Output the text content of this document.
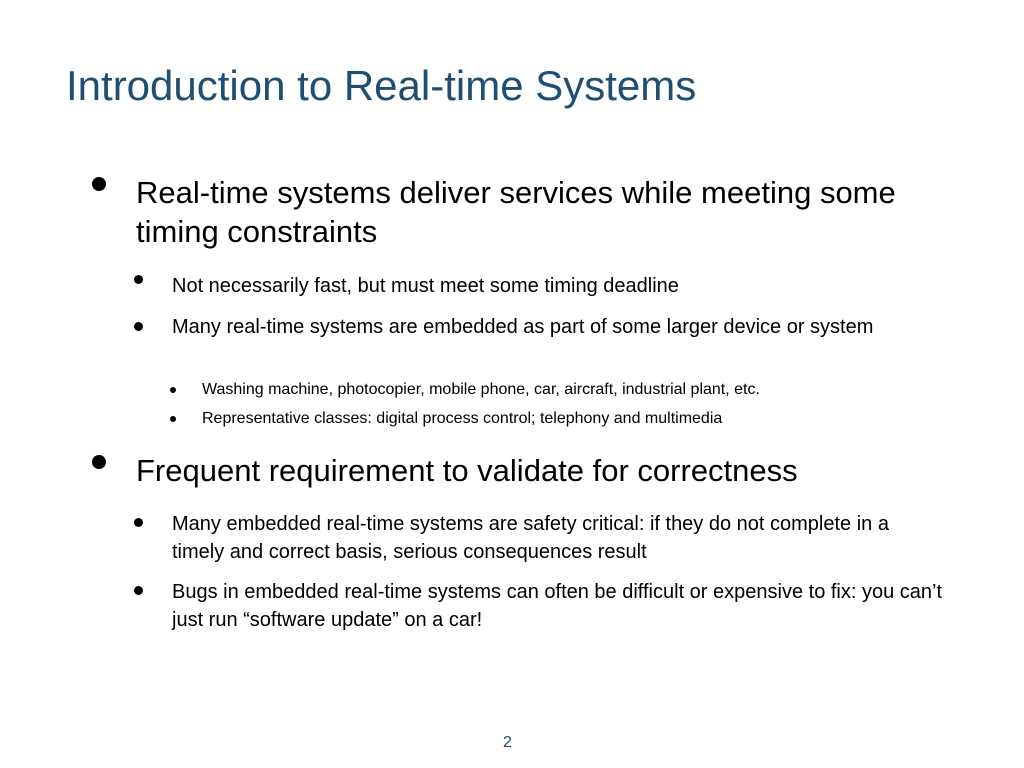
Introduction to Real-time Systems
Real-time systems deliver services while meeting some timing constraints
Not necessarily fast, but must meet some timing deadline
Many real-time systems are embedded as part of some larger device or system
Washing machine, photocopier, mobile phone, car, aircraft, industrial plant, etc.
Representative classes: digital process control; telephony and multimedia
Frequent requirement to validate for correctness
Many embedded real-time systems are safety critical: if they do not complete in a timely and correct basis, serious consequences result
Bugs in embedded real-time systems can often be difficult or expensive to fix: you can’t just run “software update” on a car!
2
